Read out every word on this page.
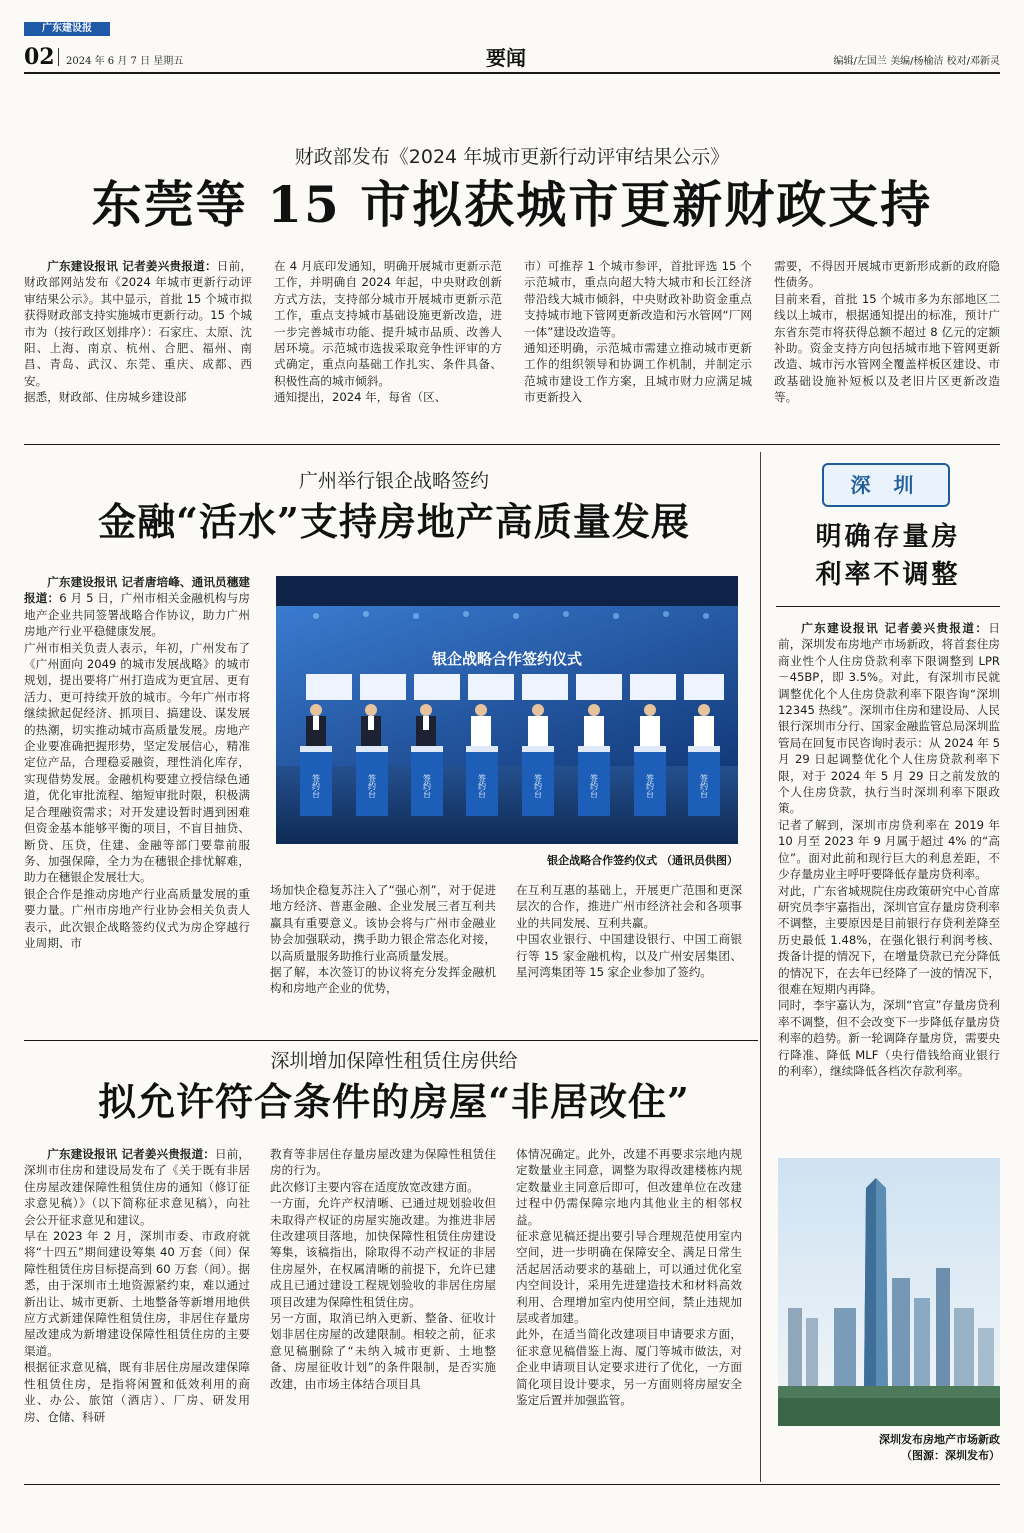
广东建设报
02 2024 年 6 月 7 日 星期五	要闻	编辑/左国兰 美编/杨榆洁 校对/邓新灵
财政部发布《2024 年城市更新行动评审结果公示》
东莞等 15 市拟获城市更新财政支持

广东建设报讯 记者姜兴贵报道：日前，财政部网站发布《2024 年城市更新行动评审结果公示》。其中显示，首批 15 个城市拟获得财政部支持实施城市更新行动。15 个城市为（按行政区划排序）：石家庄、太原、沈阳、上海、南京、杭州、合肥、福州、南昌、青岛、武汉、东莞、重庆、成都、西安。
据悉，财政部、住房城乡建设部

在 4 月底印发通知，明确开展城市更新示范工作，并明确自 2024 年起，中央财政创新方式方法，支持部分城市开展城市更新示范工作，重点支持城市基础设施更新改造，进一步完善城市功能、提升城市品质、改善人居环境。示范城市选拔采取竞争性评审的方式确定，重点向基础工作扎实、条件具备、积极性高的城市倾斜。
通知提出，2024 年，每省（区、
市）可推荐 1 个城市参评，首批评选 15 个示范城市，重点向超大特大城市和长江经济带沿线大城市倾斜，中央财政补助资金重点支持城市地下管网更新改造和污水管网“厂网一体”建设改造等。
通知还明确，示范城市需建立推动城市更新工作的组织领导和协调工作机制，并制定示范城市建设工作方案，且城市财力应满足城市更新投入
需要，不得因开展城市更新形成新的政府隐性债务。
目前来看，首批 15 个城市多为东部地区二线以上城市，根据通知提出的标准，预计广东省东莞市将获得总额不超过 8 亿元的定额补助。资金支持方向包括城市地下管网更新改造、城市污水管网全覆盖样板区建设、市政基础设施补短板以及老旧片区更新改造等。
广州举行银企战略签约
金融“活水”支持房地产高质量发展

广东建设报讯 记者唐培峰、通讯员穗建报道：6 月 5 日，广州市相关金融机构与房地产企业共同签署战略合作协议，助力广州房地产行业平稳健康发展。
广州市相关负责人表示，年初，广州发布了《广州面向 2049 的城市发展战略》的城市规划，提出要将广州打造成为更宜居、更有活力、更可持续开放的城市。今年广州市将继续掀起促经济、抓项目、搞建设、谋发展的热潮，切实推动城市高质量发展。房地产企业要准确把握形势，坚定发展信心，精准定位产品，合理稳妥融资，理性消化库存，实现借势发展。金融机构要建立授信绿色通道，优化审批流程、缩短审批时限，积极满足合理融资需求；对开发建设暂时遇到困难但资金基本能够平衡的项目，不盲目抽贷、断贷、压贷，住建、金融等部门要靠前服务、加强保障，全力为在穗银企排忧解难，助力在穗银企发展壮大。
银企合作是推动房地产行业高质量发展的重要力量。广州市房地产行业协会相关负责人表示，此次银企战略签约仪式为房企穿越行业周期、市

银企战略合作签约仪式
签约台	签约台	签约台	签约台	签约台	签约台	签约台	签约台
银企战略合作签约仪式 （通讯员供图）
场加快企稳复苏注入了“强心剂”，对于促进地方经济、普惠金融、企业发展三者互利共赢具有重要意义。该协会将与广州市金融业协会加强联动，携手助力银企常态化对接，以高质量服务助推行业高质量发展。
据了解，本次签订的协议将充分发挥金融机构和房地产企业的优势，
在互利互惠的基础上，开展更广范围和更深层次的合作，推进广州市经济社会和各项事业的共同发展、互利共赢。
中国农业银行、中国建设银行、中国工商银行等 15 家金融机构，以及广州安居集团、星河湾集团等 15 家企业参加了签约。
深圳增加保障性租赁住房供给
拟允许符合条件的房屋“非居改住”

广东建设报讯 记者姜兴贵报道：日前，深圳市住房和建设局发布了《关于既有非居住房屋改建保障性租赁住房的通知（修订征求意见稿）》（以下简称征求意见稿），向社会公开征求意见和建议。
早在 2023 年 2 月，深圳市委、市政府就将“十四五”期间建设筹集 40 万套（间）保障性租赁住房目标提高到 60 万套（间）。据悉，由于深圳市土地资源紧约束，难以通过新出让、城市更新、土地整备等新增用地供应方式新建保障性租赁住房，非居住存量房屋改建成为新增建设保障性租赁住房的主要渠道。
根据征求意见稿，既有非居住房屋改建保障性租赁住房，是指将闲置和低效利用的商业、办公、旅馆（酒店）、厂房、研发用房、仓储、科研

教育等非居住存量房屋改建为保障性租赁住房的行为。
此次修订主要内容在适度放宽改建方面。
一方面，允许产权清晰、已通过规划验收但未取得产权证的房屋实施改建。为推进非居住改建项目落地，加快保障性租赁住房建设筹集，该稿指出，除取得不动产权证的非居住房屋外，在权属清晰的前提下，允许已建成且已通过建设工程规划验收的非居住房屋项目改建为保障性租赁住房。
另一方面，取消已纳入更新、整备、征收计划非居住房屋的改建限制。相较之前，征求意见稿删除了“未纳入城市更新、土地整备、房屋征收计划”的条件限制，是否实施改建，由市场主体结合项目具
体情况确定。此外，改建不再要求宗地内规定数量业主同意，调整为取得改建楼栋内规定数量业主同意后即可，但改建单位在改建过程中仍需保障宗地内其他业主的相邻权益。
征求意见稿还提出要引导合理规范使用室内空间，进一步明确在保障安全、满足日常生活起居活动要求的基础上，可以通过优化室内空间设计，采用先进建造技术和材料高效利用、合理增加室内使用空间，禁止违规加层或者加建。
此外，在适当简化改建项目申请要求方面，征求意见稿借鉴上海、厦门等城市做法，对企业申请项目认定要求进行了优化，一方面简化项目设计要求，另一方面则将房屋安全鉴定后置并加强监管。
深 圳
明确存量房
利率不调整

广东建设报讯 记者姜兴贵报道：日前，深圳发布房地产市场新政，将首套住房商业性个人住房贷款利率下限调整到 LPR－45BP，即 3.5%。对此，有深圳市民就调整优化个人住房贷款利率下限咨询“深圳 12345 热线”。深圳市住房和建设局、人民银行深圳市分行、国家金融监管总局深圳监管局在回复市民咨询时表示：从 2024 年 5 月 29 日起调整优化个人住房贷款利率下限，对于 2024 年 5 月 29 日之前发放的个人住房贷款，执行当时深圳利率下限政策。
记者了解到，深圳市房贷利率在 2019 年 10 月至 2023 年 9 月属于超过 4% 的“高位”。面对此前和现行巨大的利息差距，不少存量房业主呼吁要降低存量房贷利率。
对此，广东省城规院住房政策研究中心首席研究员李宇嘉指出，深圳官宣存量房贷利率不调整，主要原因是目前银行存贷利差降至历史最低 1.48%，在强化银行利润考核、拨备计提的情况下，在增量贷款已充分降低的情况下，在去年已经降了一波的情况下，很难在短期内再降。
同时，李宇嘉认为，深圳“官宣”存量房贷利率不调整，但不会改变下一步降低存量房贷利率的趋势。新一轮调降存量房贷，需要央行降准、降低 MLF（央行借钱给商业银行的利率），继续降低各档次存款利率。

深圳发布房地产市场新政
（图源：深圳发布）
